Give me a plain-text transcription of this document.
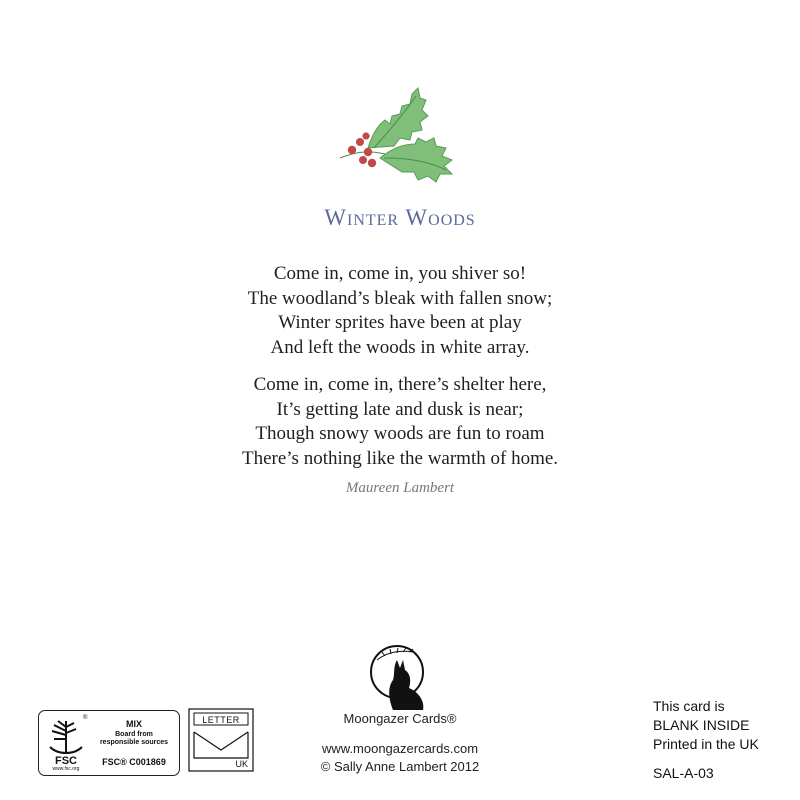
Winter Woods
Come in, come in, you shiver so!
The woodland’s bleak with fallen snow;
Winter sprites have been at play
And left the woods in white array.
Come in, come in, there’s shelter here,
It’s getting late and dusk is near;
Though snowy woods are fun to roam
There’s nothing like the warmth of home.
Maureen Lambert
Moongazer Cards®
www.moongazercards.com
© Sally Anne Lambert 2012
®
FSC
www.fsc.org
MIX
Board from
responsible sources
FSC® C001869
LETTER
UK
This card is
BLANK INSIDE
Printed in the UK
SAL-A-03
